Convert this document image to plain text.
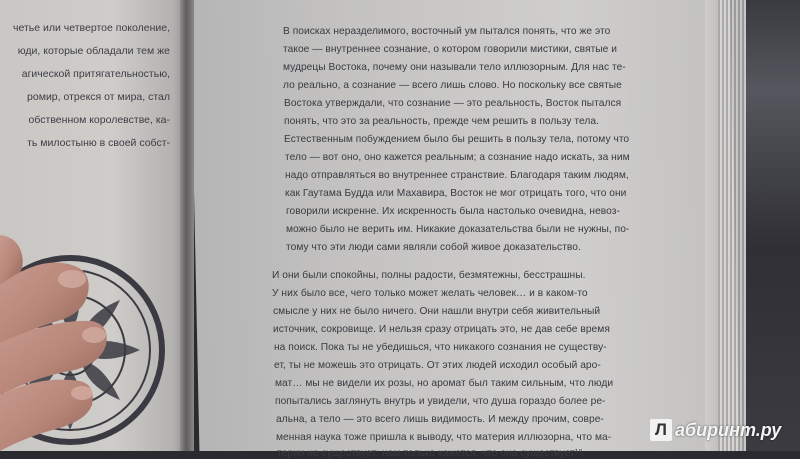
четье или четвертое поколение,
юди, которые обладали тем же
агической притягательностью,
ромир, отрекся от мира, стал
обственном королевстве, ка-
ть милостыню в своей собст-
В поисках неразделимого, восточный ум пытался понять, что же это
такое — внутреннее сознание, о котором говорили мистики, святые и
мудрецы Востока, почему они называли тело иллюзорным. Для нас те-
ло реально, а сознание — всего лишь слово. Но поскольку все святые
Востока утверждали, что сознание — это реальность, Восток пытался
понять, что это за реальность, прежде чем решить в пользу тела.
Естественным побуждением было бы решить в пользу тела, потому что
тело — вот оно, оно кажется реальным; а сознание надо искать, за ним
надо отправляться во внутреннее странствие. Благодаря таким людям,
как Гаутама Будда или Махавира, Восток не мог отрицать того, что они
говорили искренне. Их искренность была настолько очевидна, невоз-
можно было не верить им. Никакие доказательства были не нужны, по-
тому что эти люди сами являли собой живое доказательство.
И они были спокойны, полны радости, безмятежны, бесстрашны.
У них было все, чего только может желать человек… и в каком-то
смысле у них не было ничего. Они нашли внутри себя живительный
источник, сокровище. И нельзя сразу отрицать это, не дав себе время
на поиск. Пока ты не убедишься, что никакого сознания не существу-
ет, ты не можешь это отрицать. От этих людей исходил особый аро-
мат… мы не видели их розы, но аромат был таким сильным, что люди
попытались заглянуть внутрь и увидели, что душа гораздо более ре-
альна, а тело — это всего лишь видимость. И между прочим, совре-
менная наука тоже пришла к выводу, что материя иллюзорна, что ма-
терии не существует; нам только кажется, что она существует¹⁹.
Л абиринт.ру
